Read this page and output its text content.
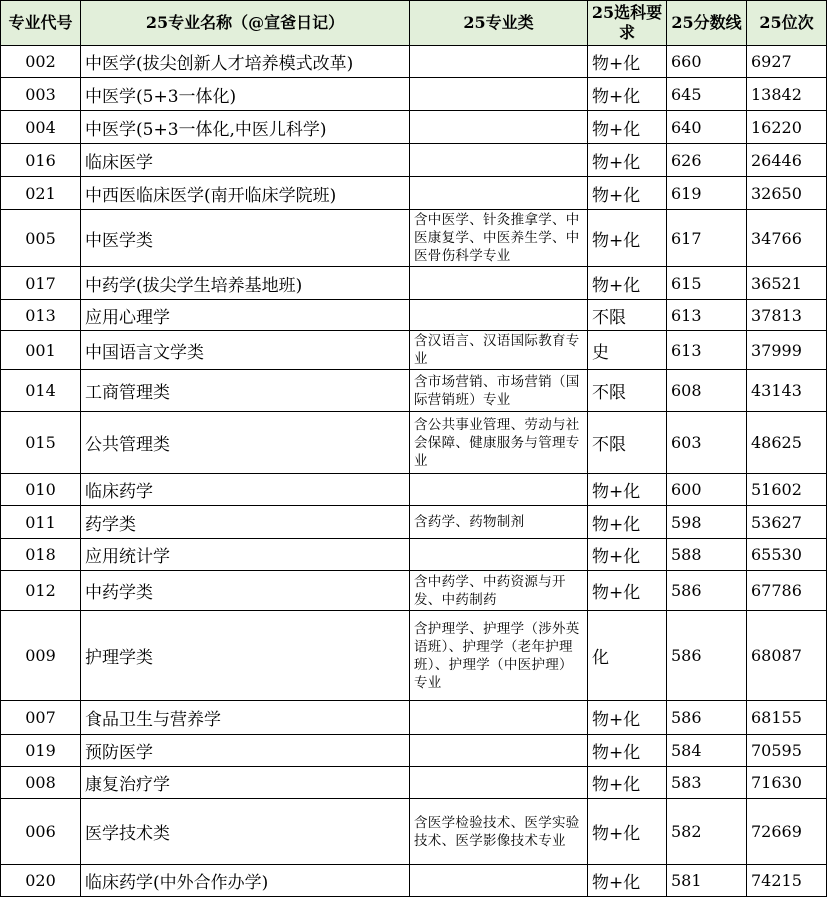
专业代号	25专业名称（@宣爸日记）	25专业类	25选科要求	25分数线	25位次
002	中医学(拔尖创新人才培养模式改革)		物+化	660	6927
003	中医学(5+3一体化)		物+化	645	13842
004	中医学(5+3一体化,中医儿科学)		物+化	640	16220
016	临床医学		物+化	626	26446
021	中西医临床医学(南开临床学院班)		物+化	619	32650
005	中医学类	含中医学、针灸推拿学、中医康复学、中医养生学、中医骨伤科学专业	物+化	617	34766
017	中药学(拔尖学生培养基地班)		物+化	615	36521
013	应用心理学		不限	613	37813
001	中国语言文学类	含汉语言、汉语国际教育专业	史	613	37999
014	工商管理类	含市场营销、市场营销（国际营销班）专业	不限	608	43143
015	公共管理类	含公共事业管理、劳动与社会保障、健康服务与管理专业	不限	603	48625
010	临床药学		物+化	600	51602
011	药学类	含药学、药物制剂	物+化	598	53627
018	应用统计学		物+化	588	65530
012	中药学类	含中药学、中药资源与开发、中药制药	物+化	586	67786
009	护理学类	含护理学、护理学（涉外英语班）、护理学（老年护理班）、护理学（中医护理）专业	化	586	68087
007	食品卫生与营养学		物+化	586	68155
019	预防医学		物+化	584	70595
008	康复治疗学		物+化	583	71630
006	医学技术类	含医学检验技术、医学实验技术、医学影像技术专业	物+化	582	72669
020	临床药学(中外合作办学)		物+化	581	74215
